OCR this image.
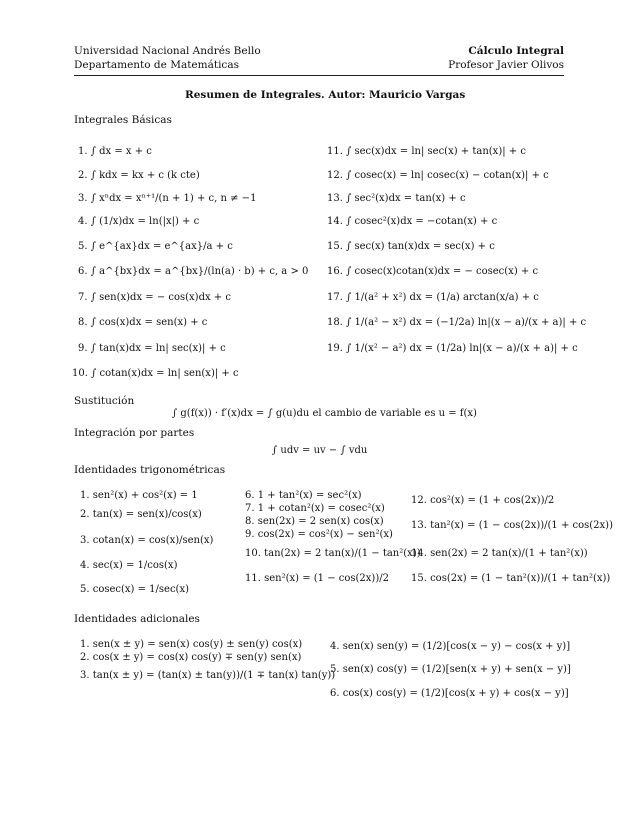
Universidad Nacional Andrés Bello
Departamento de Matemáticas
Cálculo Integral
Profesor Javier Olivos
Resumen de Integrales. Autor: Mauricio Vargas
Integrales Básicas
1. ∫ dx = x + c
2. ∫ kdx = kx + c (k cte)
3. ∫ xⁿdx = xⁿ⁺¹/(n + 1) + c, n ≠ −1
4. ∫ (1/x)dx = ln(|x|) + c
5. ∫ e^{ax}dx = e^{ax}/a + c
6. ∫ a^{bx}dx = a^{bx}/(ln(a) · b) + c, a > 0
7. ∫ sen(x)dx = − cos(x)dx + c
8. ∫ cos(x)dx = sen(x) + c
9. ∫ tan(x)dx = ln| sec(x)| + c
10. ∫ cotan(x)dx = ln| sen(x)| + c
11. ∫ sec(x)dx = ln| sec(x) + tan(x)| + c
12. ∫ cosec(x) = ln| cosec(x) − cotan(x)| + c
13. ∫ sec²(x)dx = tan(x) + c
14. ∫ cosec²(x)dx = −cotan(x) + c
15. ∫ sec(x) tan(x)dx = sec(x) + c
16. ∫ cosec(x)cotan(x)dx = − cosec(x) + c
17. ∫ 1/(a² + x²) dx = (1/a) arctan(x/a) + c
18. ∫ 1/(a² − x²) dx = (−1/2a) ln|(x − a)/(x + a)| + c
19. ∫ 1/(x² − a²) dx = (1/2a) ln|(x − a)/(x + a)| + c
Sustitución
∫ g(f(x)) · f′(x)dx = ∫ g(u)du el cambio de variable es u = f(x)
Integración por partes
∫ udv = uv − ∫ vdu
Identidades trigonométricas
1. sen²(x) + cos²(x) = 1
2. tan(x) = sen(x)/cos(x)
3. cotan(x) = cos(x)/sen(x)
4. sec(x) = 1/cos(x)
5. cosec(x) = 1/sec(x)
6. 1 + tan²(x) = sec²(x)
7. 1 + cotan²(x) = cosec²(x)
8. sen(2x) = 2 sen(x) cos(x)
9. cos(2x) = cos²(x) − sen²(x)
10. tan(2x) = 2 tan(x)/(1 − tan²(x))
11. sen²(x) = (1 − cos(2x))/2
12. cos²(x) = (1 + cos(2x))/2
13. tan²(x) = (1 − cos(2x))/(1 + cos(2x))
14. sen(2x) = 2 tan(x)/(1 + tan²(x))
15. cos(2x) = (1 − tan²(x))/(1 + tan²(x))
Identidades adicionales
1. sen(x ± y) = sen(x) cos(y) ± sen(y) cos(x)
2. cos(x ± y) = cos(x) cos(y) ∓ sen(y) sen(x)
3. tan(x ± y) = (tan(x) ± tan(y))/(1 ∓ tan(x) tan(y))
4. sen(x) sen(y) = (1/2)[cos(x − y) − cos(x + y)]
5. sen(x) cos(y) = (1/2)[sen(x + y) + sen(x − y)]
6. cos(x) cos(y) = (1/2)[cos(x + y) + cos(x − y)]
